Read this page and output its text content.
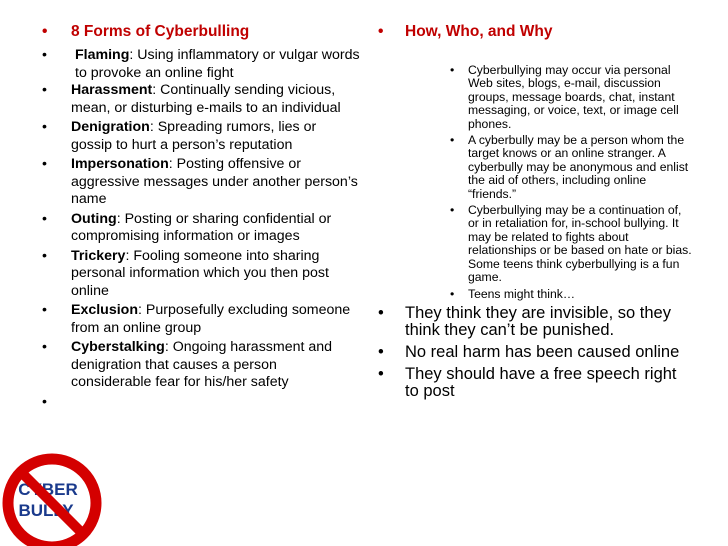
• 8 Forms of Cyberbulling
• Flaming: Using inflammatory or vulgar words to provoke an online fight
• Harassment: Continually sending vicious, mean, or disturbing e-mails to an individual
• Denigration: Spreading rumors, lies or gossip to hurt a person’s reputation
• Impersonation: Posting offensive or aggressive messages under another person’s name
• Outing: Posting or sharing confidential or compromising information or images
• Trickery: Fooling someone into sharing personal information which you then post online
• Exclusion: Purposefully excluding someone from an online group
• Cyberstalking: Ongoing harassment and denigration that causes a person considerable fear for his/her safety
•
• How, Who, and Why
• Cyberbullying may occur via personal Web sites, blogs, e-mail, discussion groups, message boards, chat, instant messaging, or voice, text, or image cell phones.
• A cyberbully may be a person whom the target knows or an online stranger. A cyberbully may be anonymous and enlist the aid of others, including online “friends.”
• Cyberbullying may be a continuation of, or in retaliation for, in-school bullying. It may be related to fights about relationships or be based on hate or bias. Some teens think cyberbullying is a fun game.
• Teens might think…
• They think they are invisible, so they think they can’t be punished.
• No real harm has been caused online
• They should have a free speech right to post
CYBER
BULLY
